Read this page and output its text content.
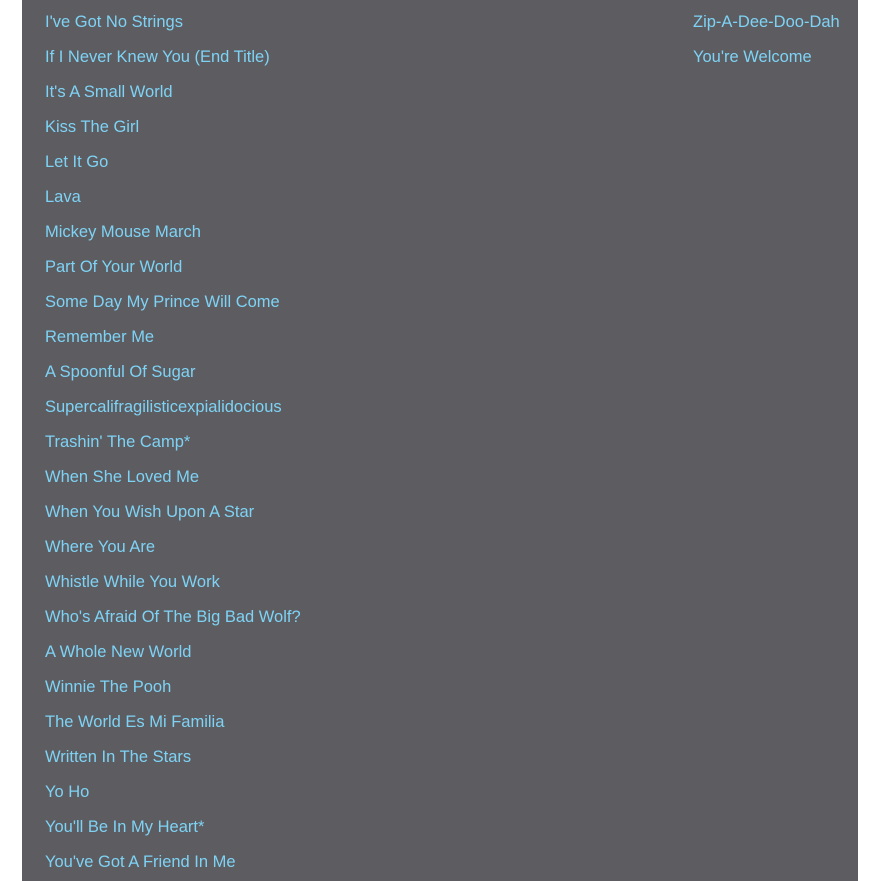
I've Got No Strings
If I Never Knew You (End Title)
It's A Small World
Kiss The Girl
Let It Go
Lava
Mickey Mouse March
Part Of Your World
Some Day My Prince Will Come
Remember Me
A Spoonful Of Sugar
Supercalifragilisticexpialidocious
Trashin' The Camp*
When She Loved Me
When You Wish Upon A Star
Where You Are
Whistle While You Work
Who's Afraid Of The Big Bad Wolf?
A Whole New World
Winnie The Pooh
The World Es Mi Familia
Written In The Stars
Yo Ho
You'll Be In My Heart*
You've Got A Friend In Me
Zip-A-Dee-Doo-Dah
You're Welcome
